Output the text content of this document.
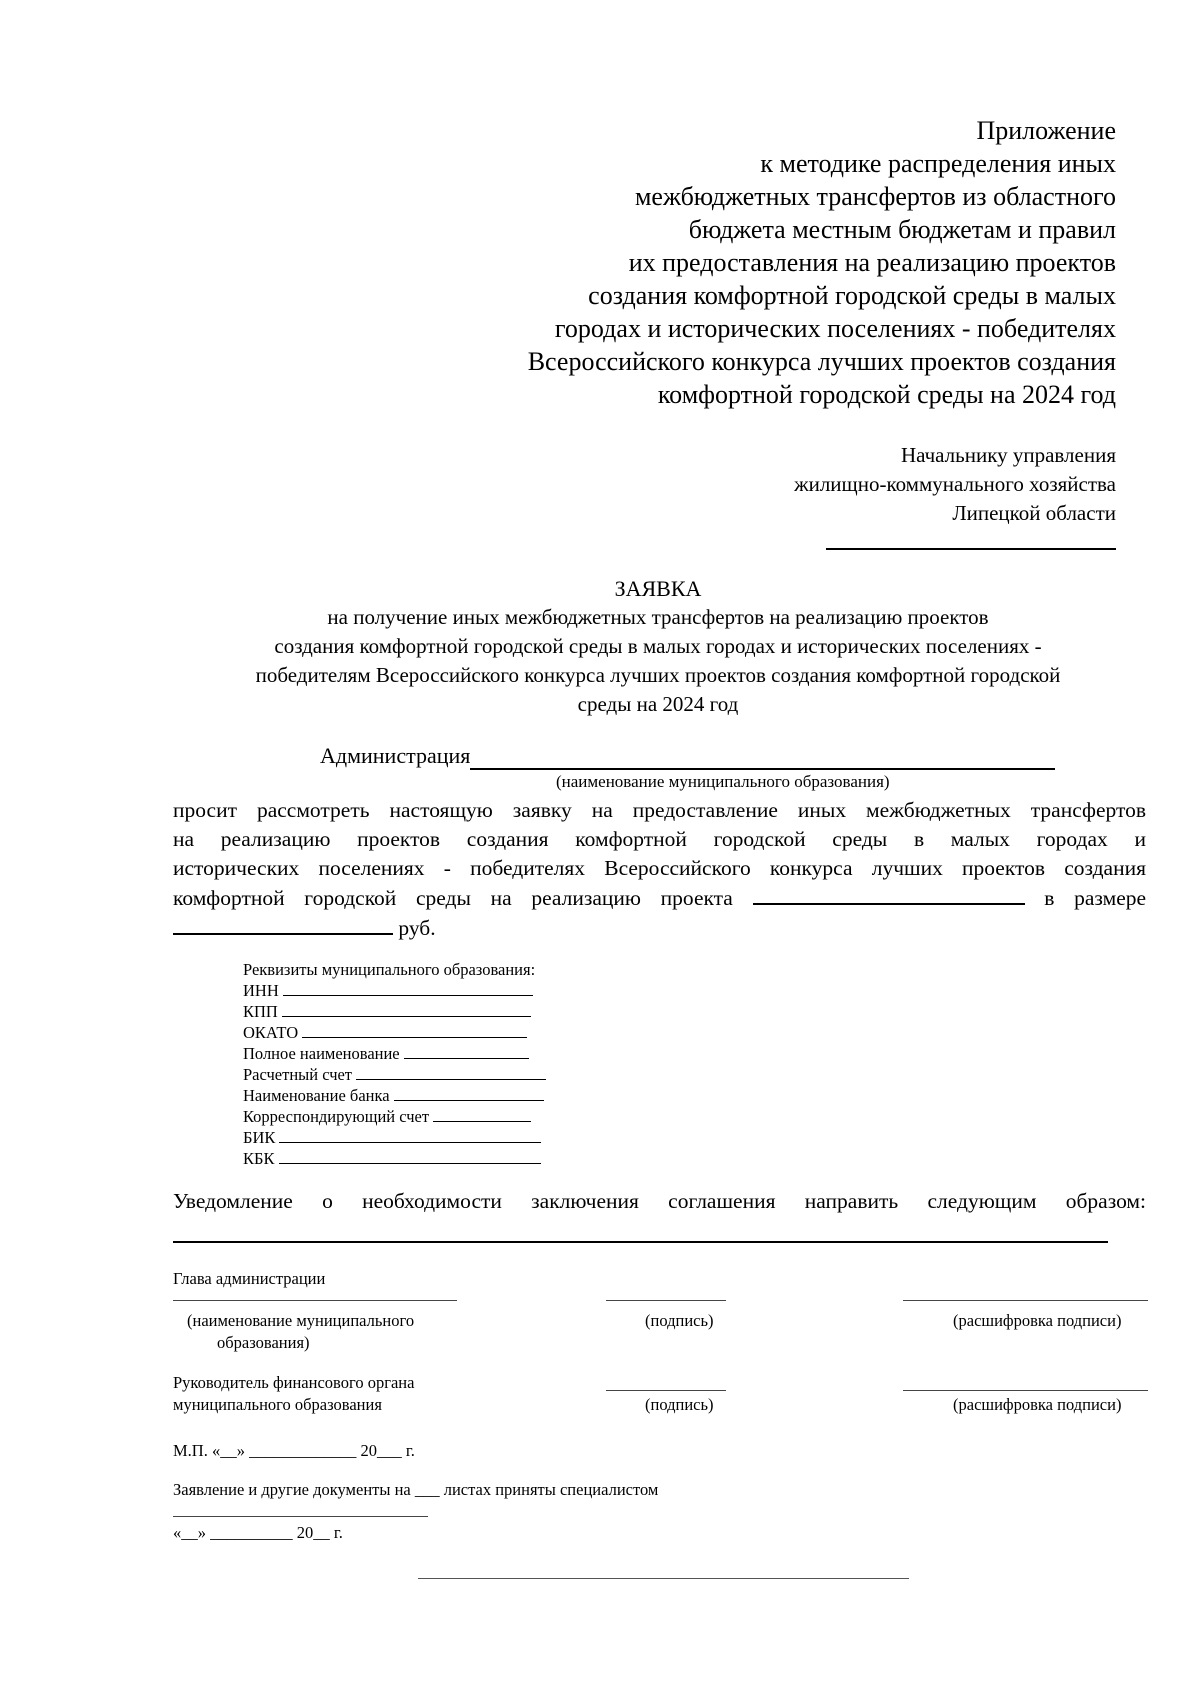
Приложение
к методике распределения иных
межбюджетных трансфертов из областного
бюджета местным бюджетам и правил
их предоставления на реализацию проектов
создания комфортной городской среды в малых
городах и исторических поселениях - победителях
Всероссийского конкурса лучших проектов создания
комфортной городской среды на 2024 год
Начальнику управления
жилищно-коммунального хозяйства
Липецкой области
ЗАЯВКА
на получение иных межбюджетных трансфертов на реализацию проектов
создания комфортной городской среды в малых городах и исторических поселениях -
победителям Всероссийского конкурса лучших проектов создания комфортной городской
среды на 2024 год
Администрация
(наименование муниципального образования)
просит рассмотреть настоящую заявку на предоставление иных межбюджетных трансфертов
на реализацию проектов создания комфортной городской среды в малых городах и
исторических поселениях - победителях Всероссийского конкурса лучших проектов создания
комфортной городской среды на реализацию проекта	в размере
руб.
Реквизиты муниципального образования:
ИНН
КПП
ОКАТО
Полное наименование
Расчетный счет
Наименование банка
Корреспондирующий счет
БИК
КБК
Уведомление о необходимости заключения соглашения направить следующим образом:
Глава администрации
(наименование муниципального
образования)
(подпись)	(расшифровка подписи)
Руководитель финансового органа
муниципального образования	(подпись)	(расшифровка подписи)
М.П. «__» _____________ 20___ г.
Заявление и другие документы на ___ листах приняты специалистом
«__» __________ 20__ г.
